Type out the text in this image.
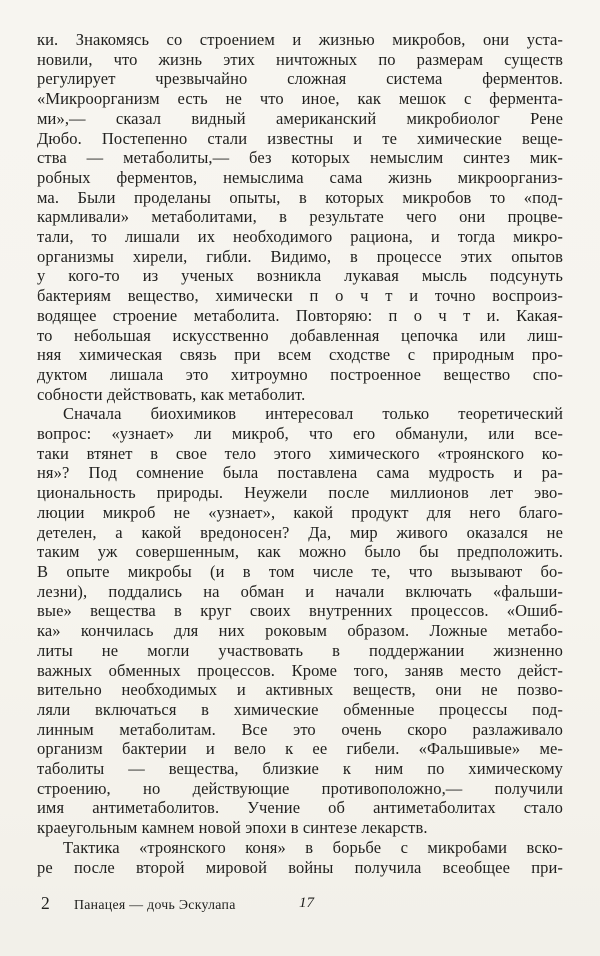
ки. Знакомясь со строением и жизнью микробов, они уста-
новили, что жизнь этих ничтожных по размерам существ
регулирует чрезвычайно сложная система ферментов.
«Микроорганизм есть не что иное, как мешок с фермента-
ми»,— сказал видный американский микробиолог Рене
Дюбо. Постепенно стали известны и те химические веще-
ства — метаболиты,— без которых немыслим синтез мик-
робных ферментов, немыслима сама жизнь микроорганиз-
ма. Были проделаны опыты, в которых микробов то «под-
кармливали» метаболитами, в результате чего они процве-
тали, то лишали их необходимого рациона, и тогда микро-
организмы хирели, гибли. Видимо, в процессе этих опытов
у кого-то из ученых возникла лукавая мысль подсунуть
бактериям вещество, химически п о ч т и точно воспроиз-
водящее строение метаболита. Повторяю: п о ч т и. Какая-
то небольшая искусственно добавленная цепочка или лиш-
няя химическая связь при всем сходстве с природным про-
дуктом лишала это хитроумно построенное вещество спо-
собности действовать, как метаболит.
Сначала биохимиков интересовал только теоретический
вопрос: «узнает» ли микроб, что его обманули, или все-
таки втянет в свое тело этого химического «троянского ко-
ня»? Под сомнение была поставлена сама мудрость и ра-
циональность природы. Неужели после миллионов лет эво-
люции микроб не «узнает», какой продукт для него благо-
детелен, а какой вредоносен? Да, мир живого оказался не
таким уж совершенным, как можно было бы предположить.
В опыте микробы (и в том числе те, что вызывают бо-
лезни), поддались на обман и начали включать «фальши-
вые» вещества в круг своих внутренних процессов. «Ошиб-
ка» кончилась для них роковым образом. Ложные метабо-
литы не могли участвовать в поддержании жизненно
важных обменных процессов. Кроме того, заняв место дейст-
вительно необходимых и активных веществ, они не позво-
ляли включаться в химические обменные процессы под-
линным метаболитам. Все это очень скоро разлаживало
организм бактерии и вело к ее гибели. «Фальшивые» ме-
таболиты — вещества, близкие к ним по химическому
строению, но действующие противоположно,— получили
имя антиметаболитов. Учение об антиметаболитах стало
краеугольным камнем новой эпохи в синтезе лекарств.
Тактика «троянского коня» в борьбе с микробами вско-
ре после второй мировой войны получила всеобщее при-
2 Панацея — дочь Эскулапа	17
